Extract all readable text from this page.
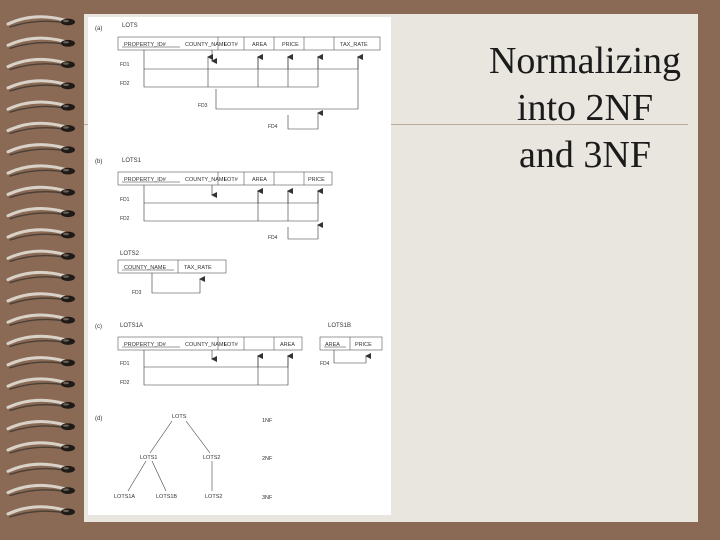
(a)	LOTS
PROPERTY_ID#	COUNTY_NAME
LOT#	AREA	PRICE	TAX_RATE
FD1
FD2
FD3
FD4
(b)	LOTS1
PROPERTY_ID#	COUNTY_NAME
LOT#	AREA	PRICE
FD1
FD2
FD4
LOTS2
COUNTY_NAME	TAX_RATE
FD3
(c)	LOTS1A
PROPERTY_ID#	COUNTY_NAME
LOT#	AREA
FD1
FD2
LOTS1B
AREA	PRICE
FD4
(d)	LOTS
LOTS1	LOTS2
LOTS1A	LOTS1B	LOTS2
1NF
2NF
3NF
Normalizing
into 2NF
and 3NF
